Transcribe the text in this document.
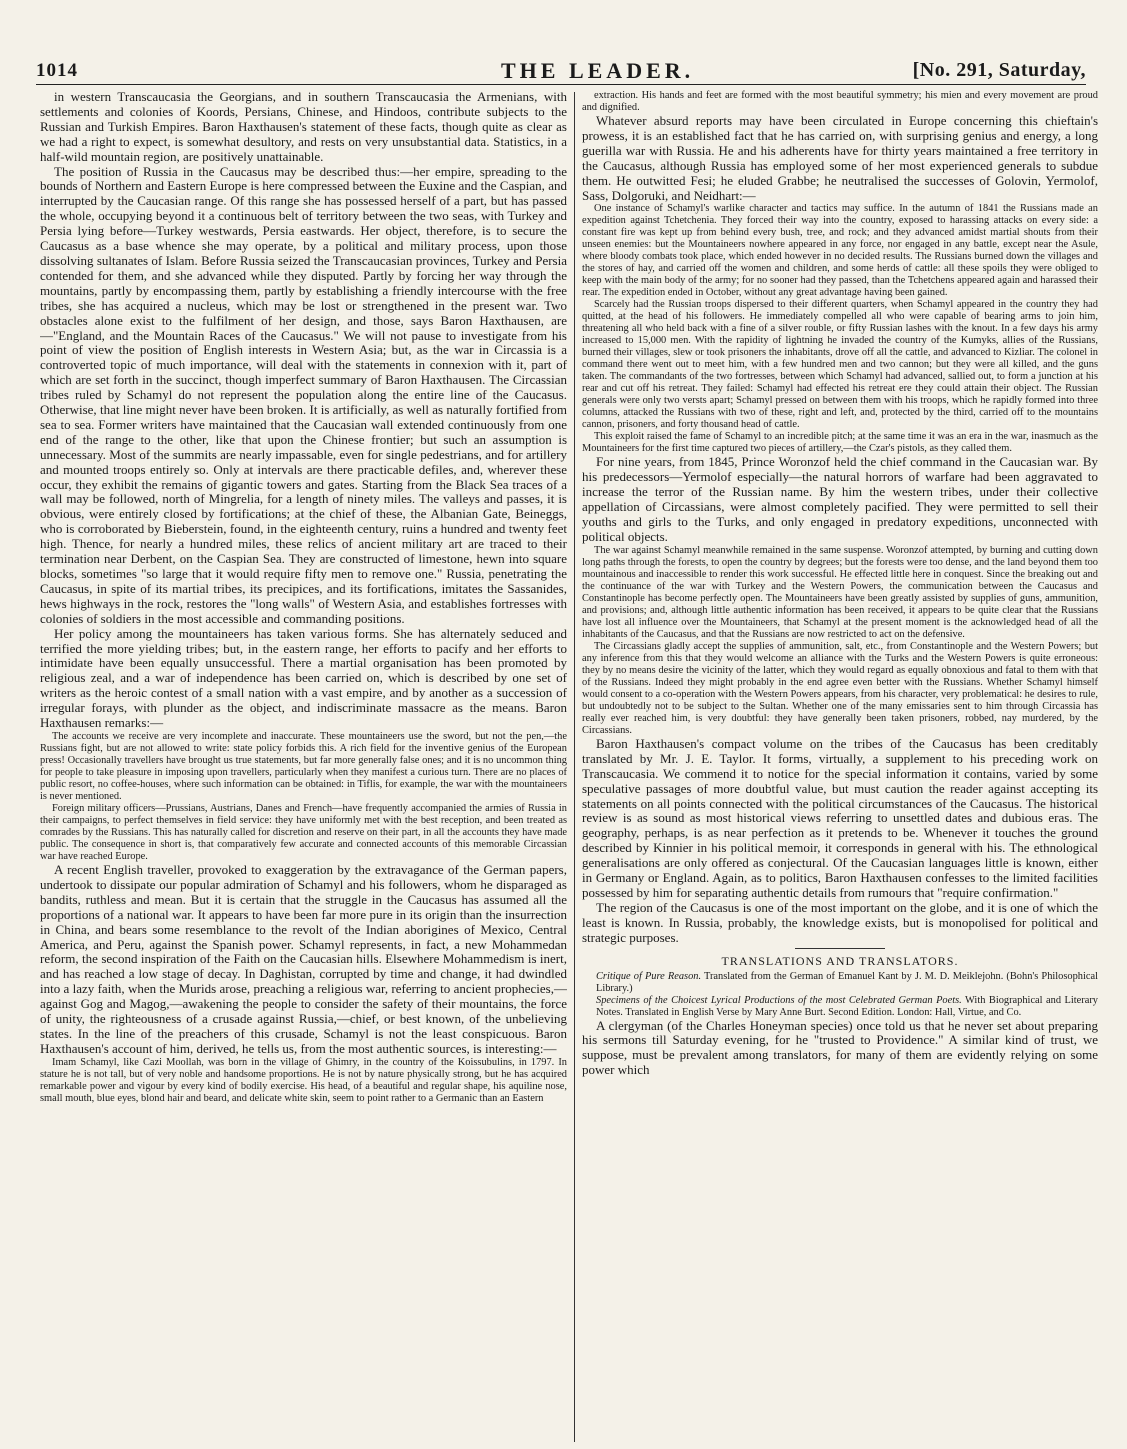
1014	THE LEADER.	[No. 291, Saturday,

in western Transcaucasia the Georgians, and in southern Transcaucasia the Armenians, with settlements and colonies of Koords, Persians, Chinese, and Hindoos, contribute subjects to the Russian and Turkish Empires. Baron Haxthausen's statement of these facts, though quite as clear as we had a right to expect, is somewhat desultory, and rests on very unsubstantial data. Statistics, in a half-wild mountain region, are positively unattainable.

The position of Russia in the Caucasus may be described thus:—her empire, spreading to the bounds of Northern and Eastern Europe is here compressed between the Euxine and the Caspian, and interrupted by the Caucasian range. Of this range she has possessed herself of a part, but has passed the whole, occupying beyond it a continuous belt of territory between the two seas, with Turkey and Persia lying before—Turkey westwards, Persia eastwards. Her object, therefore, is to secure the Caucasus as a base whence she may operate, by a political and military process, upon those dissolving sultanates of Islam. Before Russia seized the Transcaucasian provinces, Turkey and Persia contended for them, and she advanced while they disputed. Partly by forcing her way through the mountains, partly by encompassing them, partly by establishing a friendly intercourse with the free tribes, she has acquired a nucleus, which may be lost or strengthened in the present war. Two obstacles alone exist to the fulfilment of her design, and those, says Baron Haxthausen, are—"England, and the Mountain Races of the Caucasus." We will not pause to investigate from his point of view the position of English interests in Western Asia; but, as the war in Circassia is a controverted topic of much importance, will deal with the statements in connexion with it, part of which are set forth in the succinct, though imperfect summary of Baron Haxthausen. The Circassian tribes ruled by Schamyl do not represent the population along the entire line of the Caucasus. Otherwise, that line might never have been broken. It is artificially, as well as naturally fortified from sea to sea. Former writers have maintained that the Caucasian wall extended continuously from one end of the range to the other, like that upon the Chinese frontier; but such an assumption is unnecessary. Most of the summits are nearly impassable, even for single pedestrians, and for artillery and mounted troops entirely so. Only at intervals are there practicable defiles, and, wherever these occur, they exhibit the remains of gigantic towers and gates. Starting from the Black Sea traces of a wall may be followed, north of Mingrelia, for a length of ninety miles. The valleys and passes, it is obvious, were entirely closed by fortifications; at the chief of these, the Albanian Gate, Beineggs, who is corroborated by Bieberstein, found, in the eighteenth century, ruins a hundred and twenty feet high. Thence, for nearly a hundred miles, these relics of ancient military art are traced to their termination near Derbent, on the Caspian Sea. They are constructed of limestone, hewn into square blocks, sometimes "so large that it would require fifty men to remove one." Russia, penetrating the Caucasus, in spite of its martial tribes, its precipices, and its fortifications, imitates the Sassanides, hews highways in the rock, restores the "long walls" of Western Asia, and establishes fortresses with colonies of soldiers in the most accessible and commanding positions.

Her policy among the mountaineers has taken various forms. She has alternately seduced and terrified the more yielding tribes; but, in the eastern range, her efforts to pacify and her efforts to intimidate have been equally unsuccessful. There a martial organisation has been promoted by religious zeal, and a war of independence has been carried on, which is described by one set of writers as the heroic contest of a small nation with a vast empire, and by another as a succession of irregular forays, with plunder as the object, and indiscriminate massacre as the means. Baron Haxthausen remarks:—

The accounts we receive are very incomplete and inaccurate. These mountaineers use the sword, but not the pen,—the Russians fight, but are not allowed to write: state policy forbids this. A rich field for the inventive genius of the European press! Occasionally travellers have brought us true statements, but far more generally false ones; and it is no uncommon thing for people to take pleasure in imposing upon travellers, particularly when they manifest a curious turn. There are no places of public resort, no coffee-houses, where such information can be obtained: in Tiflis, for example, the war with the mountaineers is never mentioned.

Foreign military officers—Prussians, Austrians, Danes and French—have frequently accompanied the armies of Russia in their campaigns, to perfect themselves in field service: they have uniformly met with the best reception, and been treated as comrades by the Russians. This has naturally called for discretion and reserve on their part, in all the accounts they have made public. The consequence in short is, that comparatively few accurate and connected accounts of this memorable Circassian war have reached Europe.

A recent English traveller, provoked to exaggeration by the extravagance of the German papers, undertook to dissipate our popular admiration of Schamyl and his followers, whom he disparaged as bandits, ruthless and mean. But it is certain that the struggle in the Caucasus has assumed all the proportions of a national war. It appears to have been far more pure in its origin than the insurrection in China, and bears some resemblance to the revolt of the Indian aborigines of Mexico, Central America, and Peru, against the Spanish power. Schamyl represents, in fact, a new Mohammedan reform, the second inspiration of the Faith on the Caucasian hills. Elsewhere Mohammedism is inert, and has reached a low stage of decay. In Daghistan, corrupted by time and change, it had dwindled into a lazy faith, when the Murids arose, preaching a religious war, referring to ancient prophecies,—against Gog and Magog,—awakening the people to consider the safety of their mountains, the force of unity, the righteousness of a crusade against Russia,—chief, or best known, of the unbelieving states. In the line of the preachers of this crusade, Schamyl is not the least conspicuous. Baron Haxthausen's account of him, derived, he tells us, from the most authentic sources, is interesting:—

Imam Schamyl, like Cazi Moollah, was born in the village of Ghimry, in the country of the Koissubulins, in 1797. In stature he is not tall, but of very noble and handsome proportions. He is not by nature physically strong, but he has acquired remarkable power and vigour by every kind of bodily exercise. His head, of a beautiful and regular shape, his aquiline nose, small mouth, blue eyes, blond hair and beard, and delicate white skin, seem to point rather to a Germanic than an Eastern

extraction. His hands and feet are formed with the most beautiful symmetry; his mien and every movement are proud and dignified.

Whatever absurd reports may have been circulated in Europe concerning this chieftain's prowess, it is an established fact that he has carried on, with surprising genius and energy, a long guerilla war with Russia. He and his adherents have for thirty years maintained a free territory in the Caucasus, although Russia has employed some of her most experienced generals to subdue them. He outwitted Fesi; he eluded Grabbe; he neutralised the successes of Golovin, Yermolof, Sass, Dolgoruki, and Neidhart:—

One instance of Schamyl's warlike character and tactics may suffice. In the autumn of 1841 the Russians made an expedition against Tchetchenia. They forced their way into the country, exposed to harassing attacks on every side: a constant fire was kept up from behind every bush, tree, and rock; and they advanced amidst martial shouts from their unseen enemies: but the Mountaineers nowhere appeared in any force, nor engaged in any battle, except near the Asule, where bloody combats took place, which ended however in no decided results. The Russians burned down the villages and the stores of hay, and carried off the women and children, and some herds of cattle: all these spoils they were obliged to keep with the main body of the army; for no sooner had they passed, than the Tchetchens appeared again and harassed their rear. The expedition ended in October, without any great advantage having been gained.

Scarcely had the Russian troops dispersed to their different quarters, when Schamyl appeared in the country they had quitted, at the head of his followers. He immediately compelled all who were capable of bearing arms to join him, threatening all who held back with a fine of a silver rouble, or fifty Russian lashes with the knout. In a few days his army increased to 15,000 men. With the rapidity of lightning he invaded the country of the Kumyks, allies of the Russians, burned their villages, slew or took prisoners the inhabitants, drove off all the cattle, and advanced to Kizliar. The colonel in command there went out to meet him, with a few hundred men and two cannon; but they were all killed, and the guns taken. The commandants of the two fortresses, between which Schamyl had advanced, sallied out, to form a junction at his rear and cut off his retreat. They failed: Schamyl had effected his retreat ere they could attain their object. The Russian generals were only two versts apart; Schamyl pressed on between them with his troops, which he rapidly formed into three columns, attacked the Russians with two of these, right and left, and, protected by the third, carried off to the mountains cannon, prisoners, and forty thousand head of cattle.

This exploit raised the fame of Schamyl to an incredible pitch; at the same time it was an era in the war, inasmuch as the Mountaineers for the first time captured two pieces of artillery,—the Czar's pistols, as they called them.

For nine years, from 1845, Prince Woronzof held the chief command in the Caucasian war. By his predecessors—Yermolof especially—the natural horrors of warfare had been aggravated to increase the terror of the Russian name. By him the western tribes, under their collective appellation of Circassians, were almost completely pacified. They were permitted to sell their youths and girls to the Turks, and only engaged in predatory expeditions, unconnected with political objects.

The war against Schamyl meanwhile remained in the same suspense. Woronzof attempted, by burning and cutting down long paths through the forests, to open the country by degrees; but the forests were too dense, and the land beyond them too mountainous and inaccessible to render this work successful. He effected little here in conquest. Since the breaking out and the continuance of the war with Turkey and the Western Powers, the communication between the Caucasus and Constantinople has become perfectly open. The Mountaineers have been greatly assisted by supplies of guns, ammunition, and provisions; and, although little authentic information has been received, it appears to be quite clear that the Russians have lost all influence over the Mountaineers, that Schamyl at the present moment is the acknowledged head of all the inhabitants of the Caucasus, and that the Russians are now restricted to act on the defensive.

The Circassians gladly accept the supplies of ammunition, salt, etc., from Constantinople and the Western Powers; but any inference from this that they would welcome an alliance with the Turks and the Western Powers is quite erroneous: they by no means desire the vicinity of the latter, which they would regard as equally obnoxious and fatal to them with that of the Russians. Indeed they might probably in the end agree even better with the Russians. Whether Schamyl himself would consent to a co-operation with the Western Powers appears, from his character, very problematical: he desires to rule, but undoubtedly not to be subject to the Sultan. Whether one of the many emissaries sent to him through Circassia has really ever reached him, is very doubtful: they have generally been taken prisoners, robbed, nay murdered, by the Circassians.

Baron Haxthausen's compact volume on the tribes of the Caucasus has been creditably translated by Mr. J. E. Taylor. It forms, virtually, a supplement to his preceding work on Transcaucasia. We commend it to notice for the special information it contains, varied by some speculative passages of more doubtful value, but must caution the reader against accepting its statements on all points connected with the political circumstances of the Caucasus. The historical review is as sound as most historical views referring to unsettled dates and dubious eras. The geography, perhaps, is as near perfection as it pretends to be. Whenever it touches the ground described by Kinnier in his political memoir, it corresponds in general with his. The ethnological generalisations are only offered as conjectural. Of the Caucasian languages little is known, either in Germany or England. Again, as to politics, Baron Haxthausen confesses to the limited facilities possessed by him for separating authentic details from rumours that "require confirmation."

The region of the Caucasus is one of the most important on the globe, and it is one of which the least is known. In Russia, probably, the knowledge exists, but is monopolised for political and strategic purposes.

TRANSLATIONS AND TRANSLATORS.

Critique of Pure Reason. Translated from the German of Emanuel Kant by J. M. D. Meiklejohn. (Bohn's Philosophical Library.)

Specimens of the Choicest Lyrical Productions of the most Celebrated German Poets. With Biographical and Literary Notes. Translated in English Verse by Mary Anne Burt. Second Edition. London: Hall, Virtue, and Co.

A clergyman (of the Charles Honeyman species) once told us that he never set about preparing his sermons till Saturday evening, for he "trusted to Providence." A similar kind of trust, we suppose, must be prevalent among translators, for many of them are evidently relying on some power which
